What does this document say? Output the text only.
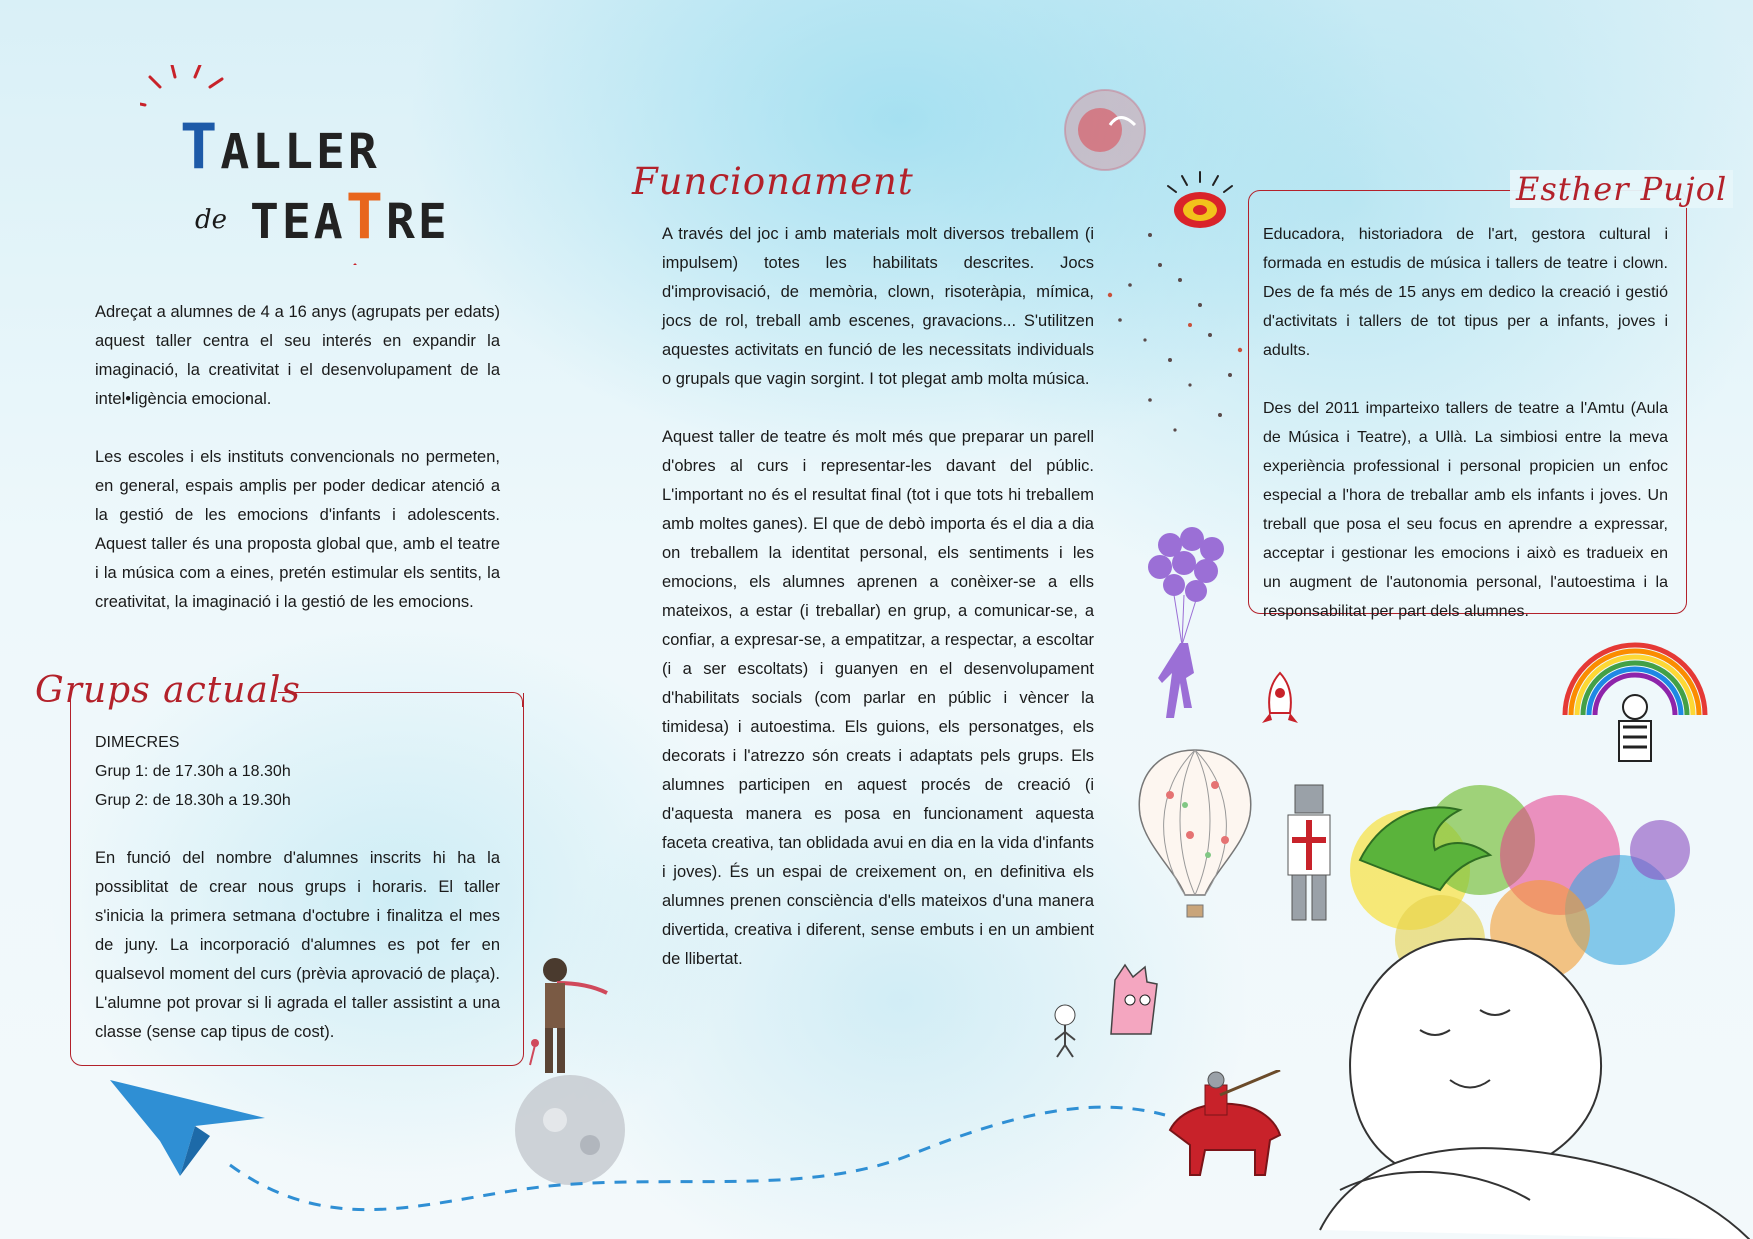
T
ALLER
de TEATRE

Adreçat a alumnes de 4 a 16 anys (agrupats per edats) aquest taller centra el seu interés en expandir la imaginació, la creativitat i el desenvolupament de la intel•ligència emocional.

Les escoles i els instituts convencionals no permeten, en general, espais amplis per poder dedicar atenció a la gestió de les emocions d'infants i adolescents. Aquest taller és una proposta global que, amb el teatre i la música com a eines, pretén estimular els sentits, la creativitat, la imaginació i la gestió de les emocions.

Grups actuals

DIMECRES

Grup 1: de 17.30h a 18.30h

Grup 2: de 18.30h a 19.30h

En funció del nombre d'alumnes inscrits hi ha la possiblitat de crear nous grups i horaris. El taller s'inicia la primera setmana d'octubre i finalitza el mes de juny. La incorporació d'alumnes es pot fer en qualsevol moment del curs (prèvia aprovació de plaça). L'alumne pot provar si li agrada el taller assistint a una classe (sense cap tipus de cost).

Funcionament

A través del joc i amb materials molt diversos treballem (i impulsem) totes les habilitats descrites. Jocs d'improvisació, de memòria, clown, risoteràpia, mímica, jocs de rol, treball amb escenes, gravacions... S'utilitzen aquestes activitats en funció de les necessitats individuals o grupals que vagin sorgint. I tot plegat amb molta música.

Aquest taller de teatre és molt més que preparar un parell d'obres al curs i representar-les davant del públic. L'important no és el resultat final (tot i que tots hi treballem amb moltes ganes). El que de debò importa és el dia a dia on treballem la identitat personal, els sentiments i les emocions, els alumnes aprenen a conèixer-se a ells mateixos, a estar (i treballar) en grup, a comunicar-se, a confiar, a expresar-se, a empatitzar, a respectar, a escoltar (i a ser escoltats) i guanyen en el desenvolupament d'habilitats socials (com parlar en públic i vèncer la timidesa) i autoestima. Els guions, els personatges, els decorats i l'atrezzo són creats i adaptats pels grups. Els alumnes participen en aquest procés de creació (i d'aquesta manera es posa en funcionament aquesta faceta creativa, tan oblidada avui en dia en la vida d'infants i joves). És un espai de creixement on, en definitiva els alumnes prenen consciència d'ells mateixos d'una manera divertida, creativa i diferent, sense embuts i en un ambient de llibertat.

Esther Pujol

Educadora, historiadora de l'art, gestora cultural i formada en estudis de música i tallers de teatre i clown. Des de fa més de 15 anys em dedico la creació i gestió d'activitats i tallers de tot tipus per a infants, joves i adults.

Des del 2011 imparteixo tallers de teatre a l'Amtu (Aula de Música i Teatre), a Ullà. La simbiosi entre la meva experiència professional i personal propicien un enfoc especial a l'hora de treballar amb els infants i joves. Un treball que posa el seu focus en aprendre a expressar, acceptar i gestionar les emocions i això es tradueix en un augment de l'autonomia personal, l'autoestima i la responsabilitat per part dels alumnes.
